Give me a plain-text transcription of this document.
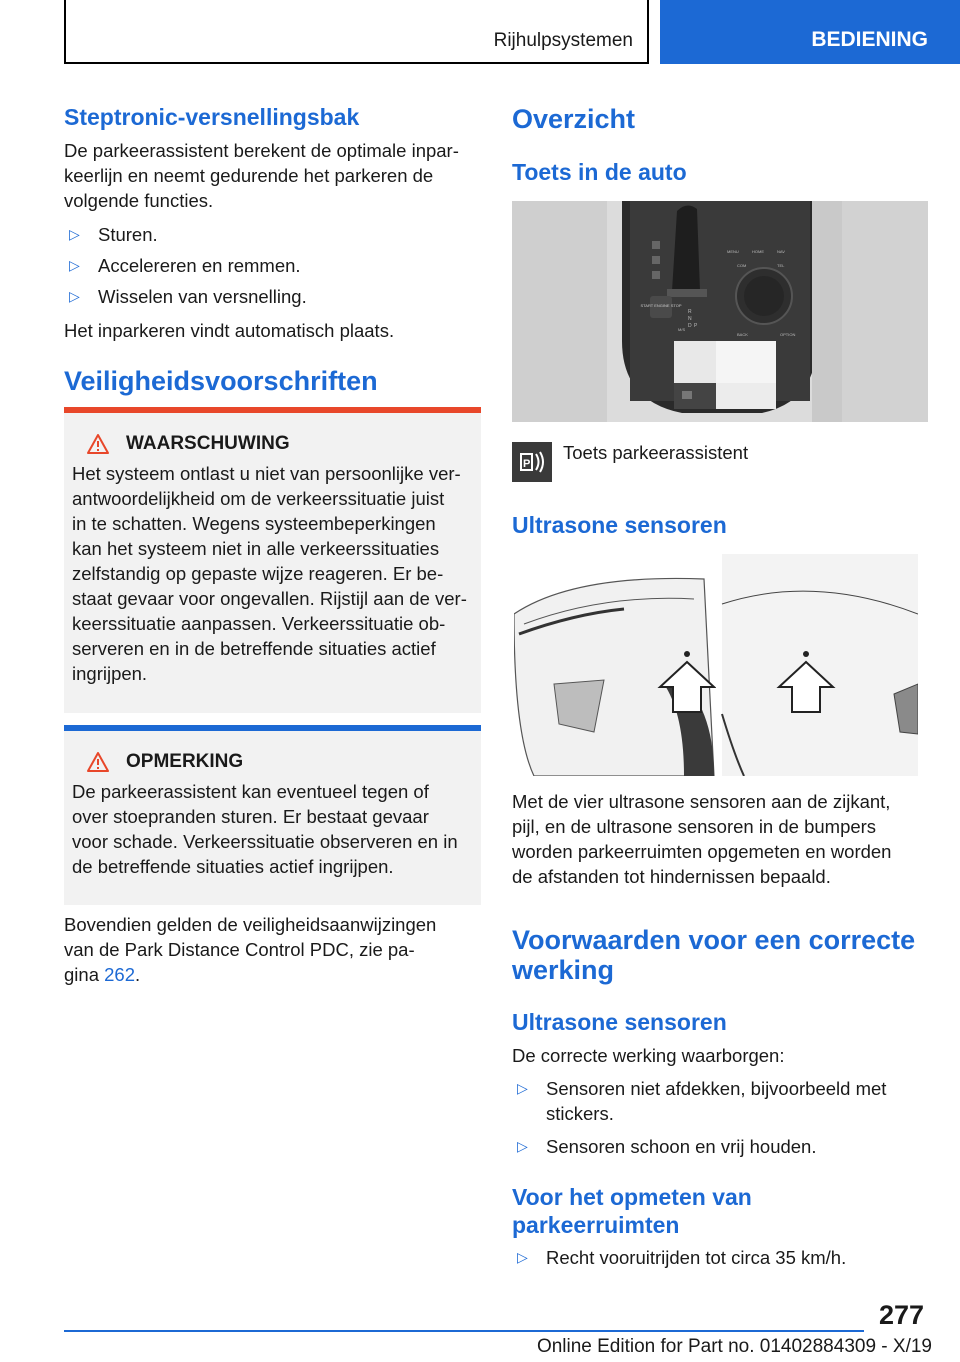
Rijhulpsystemen	BEDIENING
Steptronic-versnellingsbak
De parkeerassistent berekent de optimale inpar-
keerlijn en neemt gedurende het parkeren de
volgende functies.
▷ Sturen.
▷ Accelereren en remmen.
▷ Wisselen van versnelling.
Het inparkeren vindt automatisch plaats.
Veiligheidsvoorschriften
WAARSCHUWING
Het systeem ontlast u niet van persoonlijke ver-
antwoordelijkheid om de verkeerssituatie juist
in te schatten. Wegens systeembeperkingen
kan het systeem niet in alle verkeerssituaties
zelfstandig op gepaste wijze reageren. Er be-
staat gevaar voor ongevallen. Rijstijl aan de ver-
keerssituatie aanpassen. Verkeerssituatie ob-
serveren en in de betreffende situaties actief
ingrijpen.
OPMERKING
De parkeerassistent kan eventueel tegen of
over stoepranden sturen. Er bestaat gevaar
voor schade. Verkeerssituatie observeren en in
de betreffende situaties actief ingrijpen.
Bovendien gelden de veiligheidsaanwijzingen
van de Park Distance Control PDC, zie pa-
gina 262.
Overzicht
Toets in de auto
START ENGINE STOP
R
N
D P
M/S
MENU	HOME	NAV
COM	TEL
BACK	OPTION
P
Toets parkeerassistent
Ultrasone sensoren
Met de vier ultrasone sensoren aan de zijkant,
pijl, en de ultrasone sensoren in de bumpers
worden parkeerruimten opgemeten en worden
de afstanden tot hindernissen bepaald.
Voorwaarden voor een correcte
werking
Ultrasone sensoren
De correcte werking waarborgen:
▷ Sensoren niet afdekken, bijvoorbeeld met
stickers.
▷ Sensoren schoon en vrij houden.
Voor het opmeten van
parkeerruimten
▷ Recht vooruitrijden tot circa 35 km/h.
277
Online Edition for Part no. 01402884309 - X/19
